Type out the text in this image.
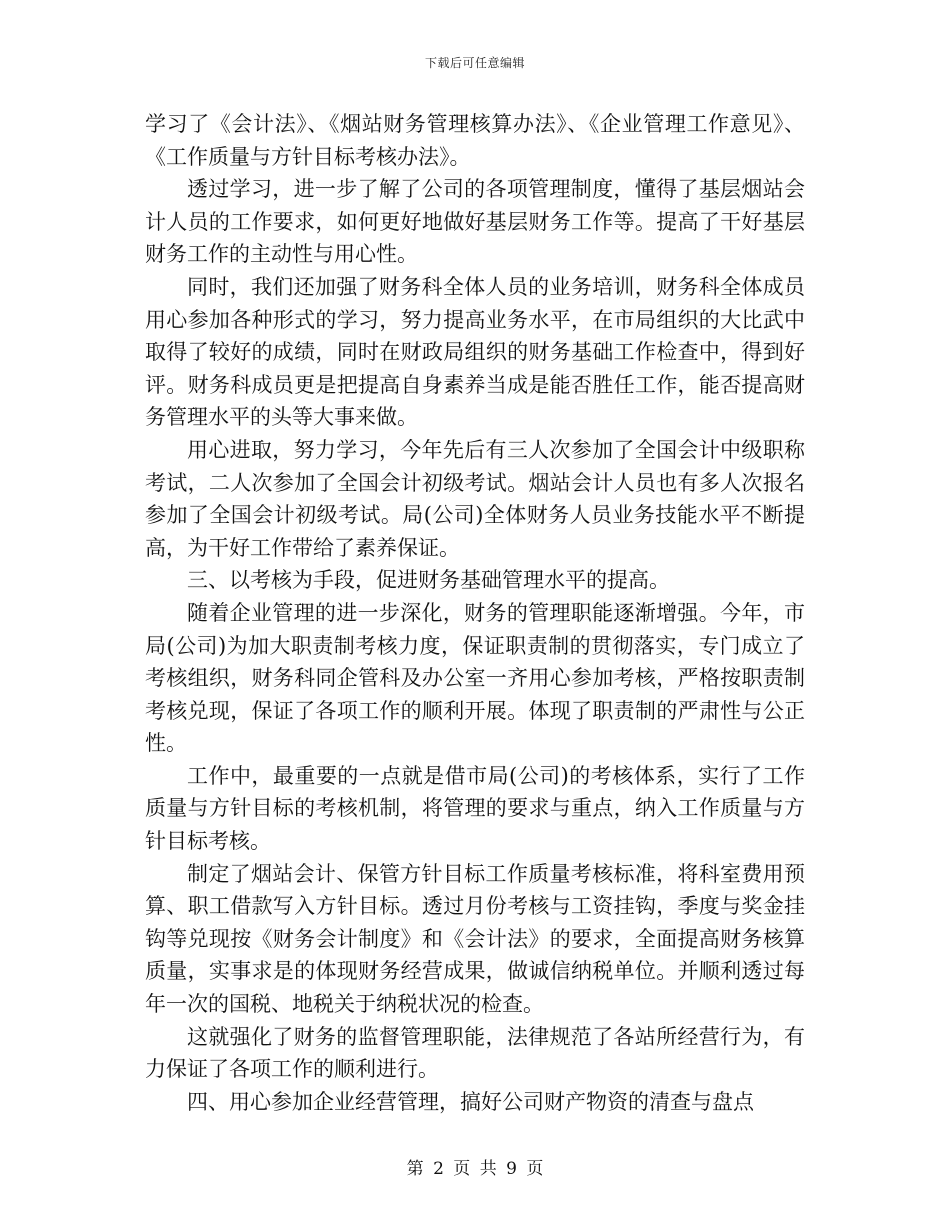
下载后可任意编辑

学习了《会计法》、《烟站财务管理核算办法》、《企业管理工作意见》、《工作质量与方针目标考核办法》。

透过学习，进一步了解了公司的各项管理制度，懂得了基层烟站会计人员的工作要求，如何更好地做好基层财务工作等。提高了干好基层财务工作的主动性与用心性。

同时，我们还加强了财务科全体人员的业务培训，财务科全体成员用心参加各种形式的学习，努力提高业务水平，在市局组织的大比武中取得了较好的成绩，同时在财政局组织的财务基础工作检查中，得到好评。财务科成员更是把提高自身素养当成是能否胜任工作，能否提高财务管理水平的头等大事来做。

用心进取，努力学习，今年先后有三人次参加了全国会计中级职称考试，二人次参加了全国会计初级考试。烟站会计人员也有多人次报名参加了全国会计初级考试。局(公司)全体财务人员业务技能水平不断提高，为干好工作带给了素养保证。

三、以考核为手段，促进财务基础管理水平的提高。

随着企业管理的进一步深化，财务的管理职能逐渐增强。今年，市局(公司)为加大职责制考核力度，保证职责制的贯彻落实，专门成立了考核组织，财务科同企管科及办公室一齐用心参加考核，严格按职责制考核兑现，保证了各项工作的顺利开展。体现了职责制的严肃性与公正性。

工作中，最重要的一点就是借市局(公司)的考核体系，实行了工作质量与方针目标的考核机制，将管理的要求与重点，纳入工作质量与方针目标考核。

制定了烟站会计、保管方针目标工作质量考核标准，将科室费用预算、职工借款写入方针目标。透过月份考核与工资挂钩，季度与奖金挂钩等兑现按《财务会计制度》和《会计法》的要求，全面提高财务核算质量，实事求是的体现财务经营成果，做诚信纳税单位。并顺利透过每年一次的国税、地税关于纳税状况的检查。

这就强化了财务的监督管理职能，法律规范了各站所经营行为，有力保证了各项工作的顺利进行。

四、用心参加企业经营管理，搞好公司财产物资的清查与盘点

第 2 页 共 9 页
